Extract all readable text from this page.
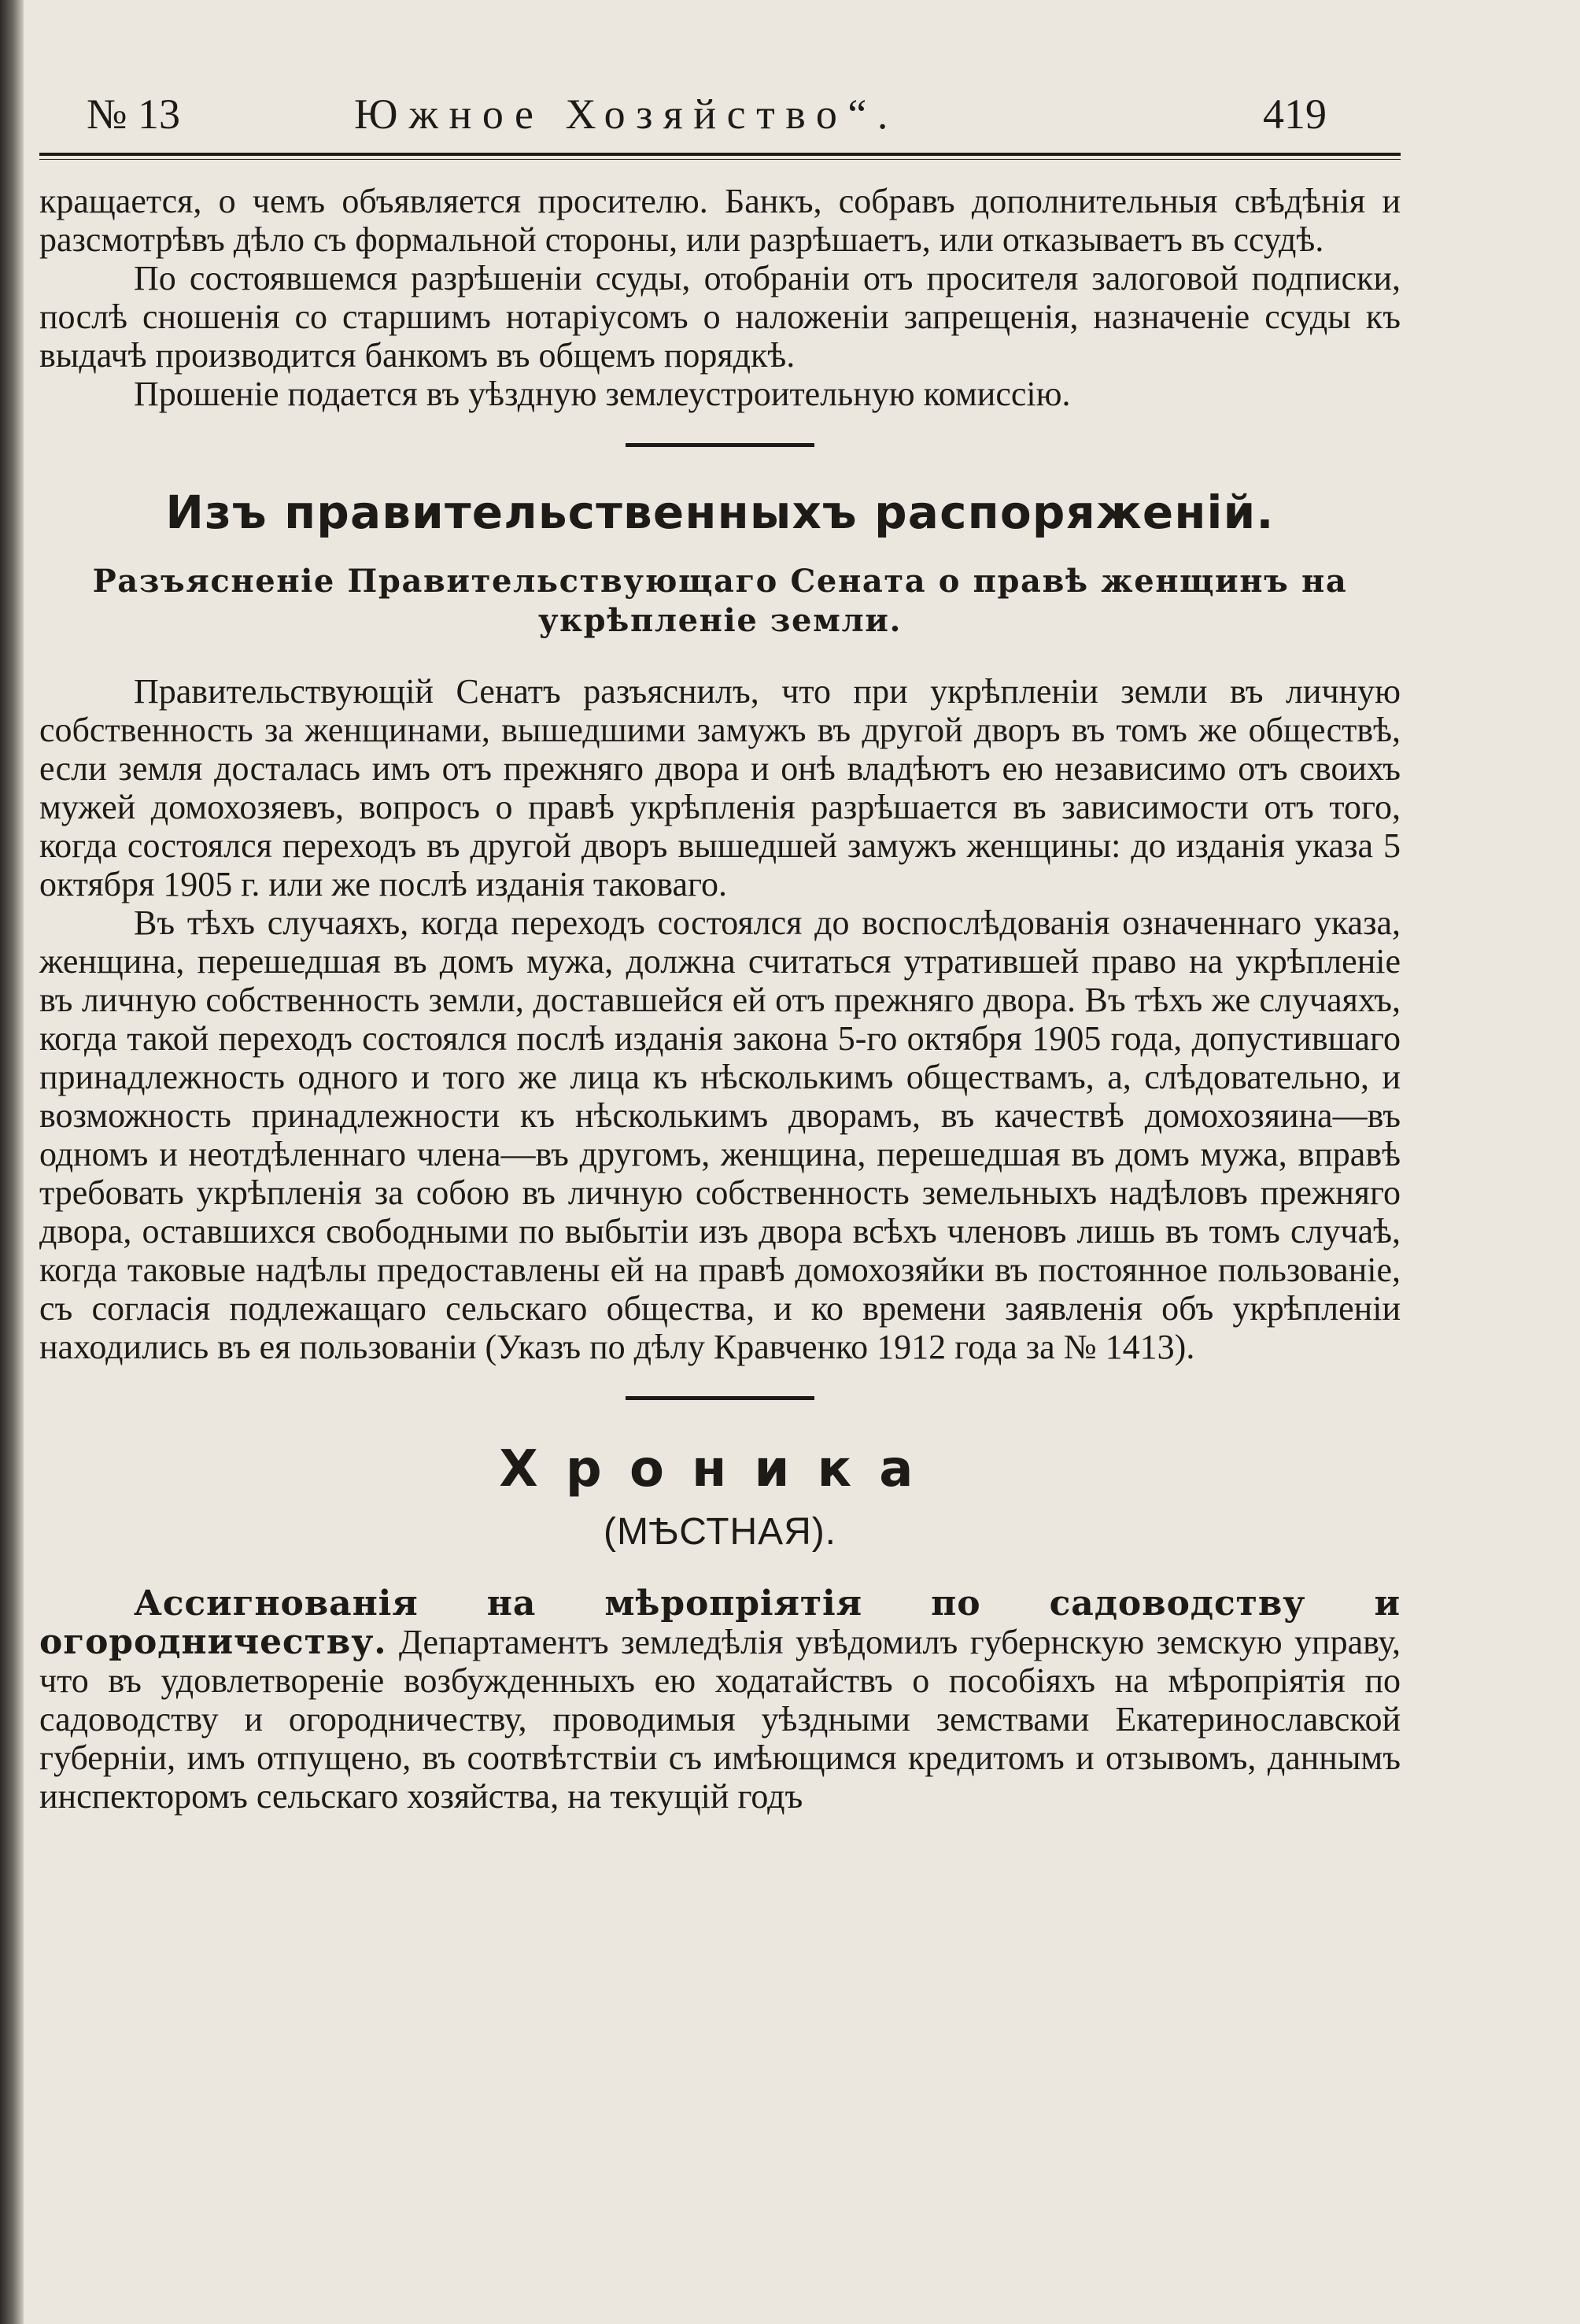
№ 13	Южное Хозяйство“.	419

кращается, о чемъ объявляется просителю. Банкъ, собравъ дополнительныя свѣдѣнія и разсмотрѣвъ дѣло съ формальной стороны, или разрѣшаетъ, или отказываетъ въ ссудѣ.

По состоявшемся разрѣшеніи ссуды, отобраніи отъ просителя залоговой подписки, послѣ сношенія со старшимъ нотаріусомъ о наложеніи запрещенія, назначеніе ссуды къ выдачѣ производится банкомъ въ общемъ порядкѣ.

Прошеніе подается въ уѣздную землеустроительную комиссію.

Изъ правительственныхъ распоряженій.
Разъясненіе Правительствующаго Сената о правѣ женщинъ на укрѣпленіе земли.

Правительствующій Сенатъ разъяснилъ, что при укрѣпленіи земли въ личную собственность за женщинами, вышедшими замужъ въ другой дворъ въ томъ же обществѣ, если земля досталась имъ отъ прежняго двора и онѣ владѣютъ ею независимо отъ своихъ мужей домохозяевъ, вопросъ о правѣ укрѣпленія разрѣшается въ зависимости отъ того, когда состоялся переходъ въ другой дворъ вышедшей замужъ женщины: до изданія указа 5 октября 1905 г. или же послѣ изданія таковаго.

Въ тѣхъ случаяхъ, когда переходъ состоялся до воспослѣдованія означеннаго указа, женщина, перешедшая въ домъ мужа, должна считаться утратившей право на укрѣпленіе въ личную собственность земли, доставшейся ей отъ прежняго двора. Въ тѣхъ же случаяхъ, когда такой переходъ состоялся послѣ изданія закона 5-го октября 1905 года, допустившаго принадлежность одного и того же лица къ нѣсколькимъ обществамъ, а, слѣдовательно, и возможность принадлежности къ нѣсколькимъ дворамъ, въ качествѣ домохозяина—въ одномъ и неотдѣленнаго члена—въ другомъ, женщина, перешедшая въ домъ мужа, вправѣ требовать укрѣпленія за собою въ личную собственность земельныхъ надѣловъ прежняго двора, оставшихся свободными по выбытіи изъ двора всѣхъ членовъ лишь въ томъ случаѣ, когда таковые надѣлы предоставлены ей на правѣ домохозяйки въ постоянное пользованіе, съ согласія подлежащаго сельскаго общества, и ко времени заявленія объ укрѣпленіи находились въ ея пользованіи (Указъ по дѣлу Кравченко 1912 года за № 1413).

Хроника
(МѢСТНАЯ).

Ассигнованія на мѣропріятія по садоводству и огородничеству. Департаментъ земледѣлія увѣдомилъ губернскую земскую управу, что въ удовлетвореніе возбужденныхъ ею ходатайствъ о пособіяхъ на мѣропріятія по садоводству и огородничеству, проводимыя уѣздными земствами Екатеринославской губерніи, имъ отпущено, въ соотвѣтствіи съ имѣющимся кредитомъ и отзывомъ, даннымъ инспекторомъ сельскаго хозяйства, на текущій годъ
